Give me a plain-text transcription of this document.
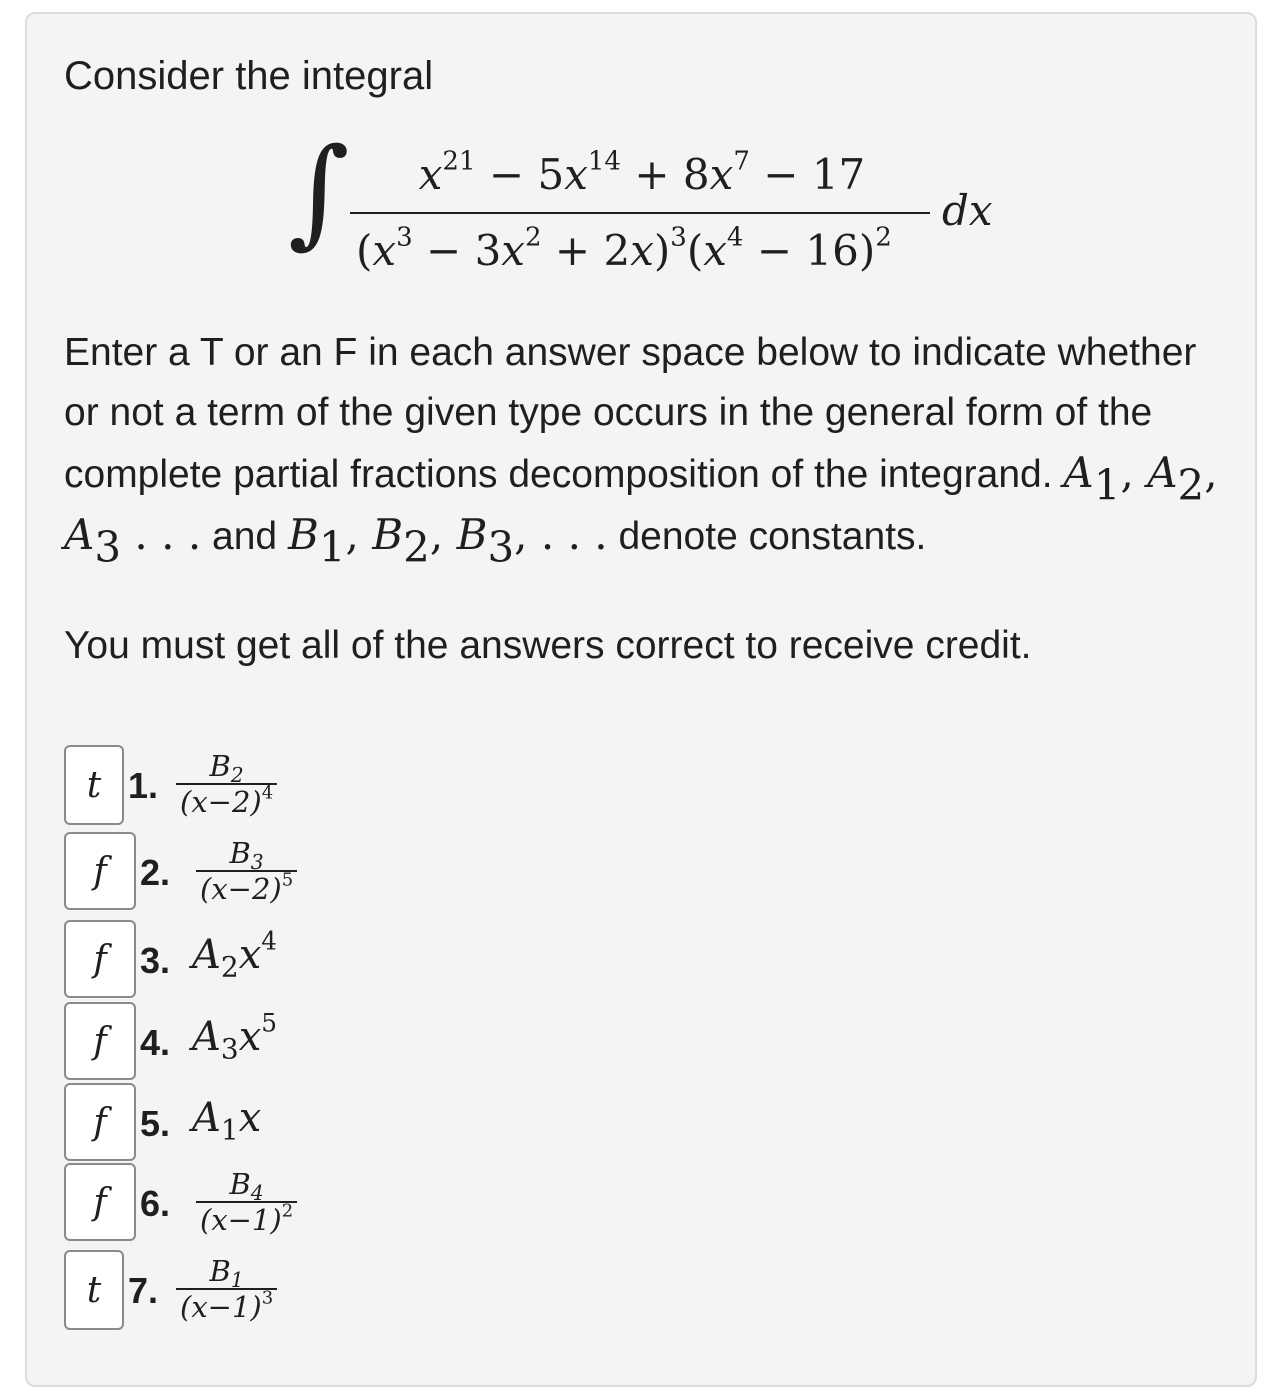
Consider the integral

∫	$x^{21} - 5x^{14} + 8x^7 - 17$
$(x^3 - 3x^2 + 2x)^3(x^4 - 16)^2$
dx

Enter a T or an F in each answer space below to indicate whether or not a term of the given type occurs in the general form of the complete partial fractions decomposition of the integrand. $A_1$, $A_2$, $A_3$ . . . and $B_1$, $B_2$, $B_3$, . . . denote constants.

You must get all of the answers correct to receive credit.

t 1. $\frac{B_2}{(x-2)^4}$
f 2. $\frac{B_3}{(x-2)^5}$
f 3. $A_2x^4$
f 4. $A_3x^5$
f 5. $A_1x$
f 6. $\frac{B_4}{(x-1)^2}$
t 7. $\frac{B_1}{(x-1)^3}$
